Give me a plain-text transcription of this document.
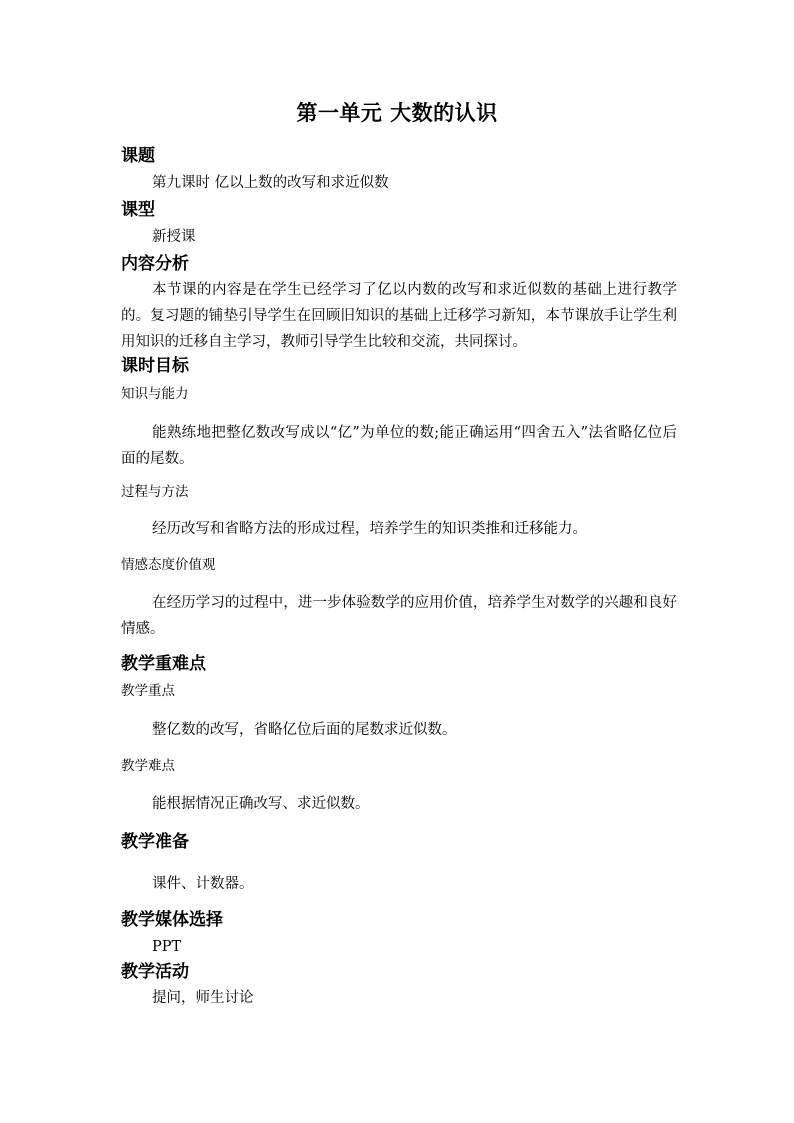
第一单元 大数的认识
课题
第九课时 亿以上数的改写和求近似数
课型
新授课
内容分析
本节课的内容是在学生已经学习了亿以内数的改写和求近似数的基础上进行教学的。复习题的铺垫引导学生在回顾旧知识的基础上迁移学习新知，本节课放手让学生利用知识的迁移自主学习，教师引导学生比较和交流，共同探讨。
课时目标
知识与能力
能熟练地把整亿数改写成以“亿”为单位的数;能正确运用“四舍五入”法省略亿位后面的尾数。
过程与方法
经历改写和省略方法的形成过程，培养学生的知识类推和迁移能力。
情感态度价值观
在经历学习的过程中，进一步体验数学的应用价值，培养学生对数学的兴趣和良好情感。
教学重难点
教学重点
整亿数的改写，省略亿位后面的尾数求近似数。
教学难点
能根据情况正确改写、求近似数。
教学准备
课件、计数器。
教学媒体选择
PPT
教学活动
提问，师生讨论
